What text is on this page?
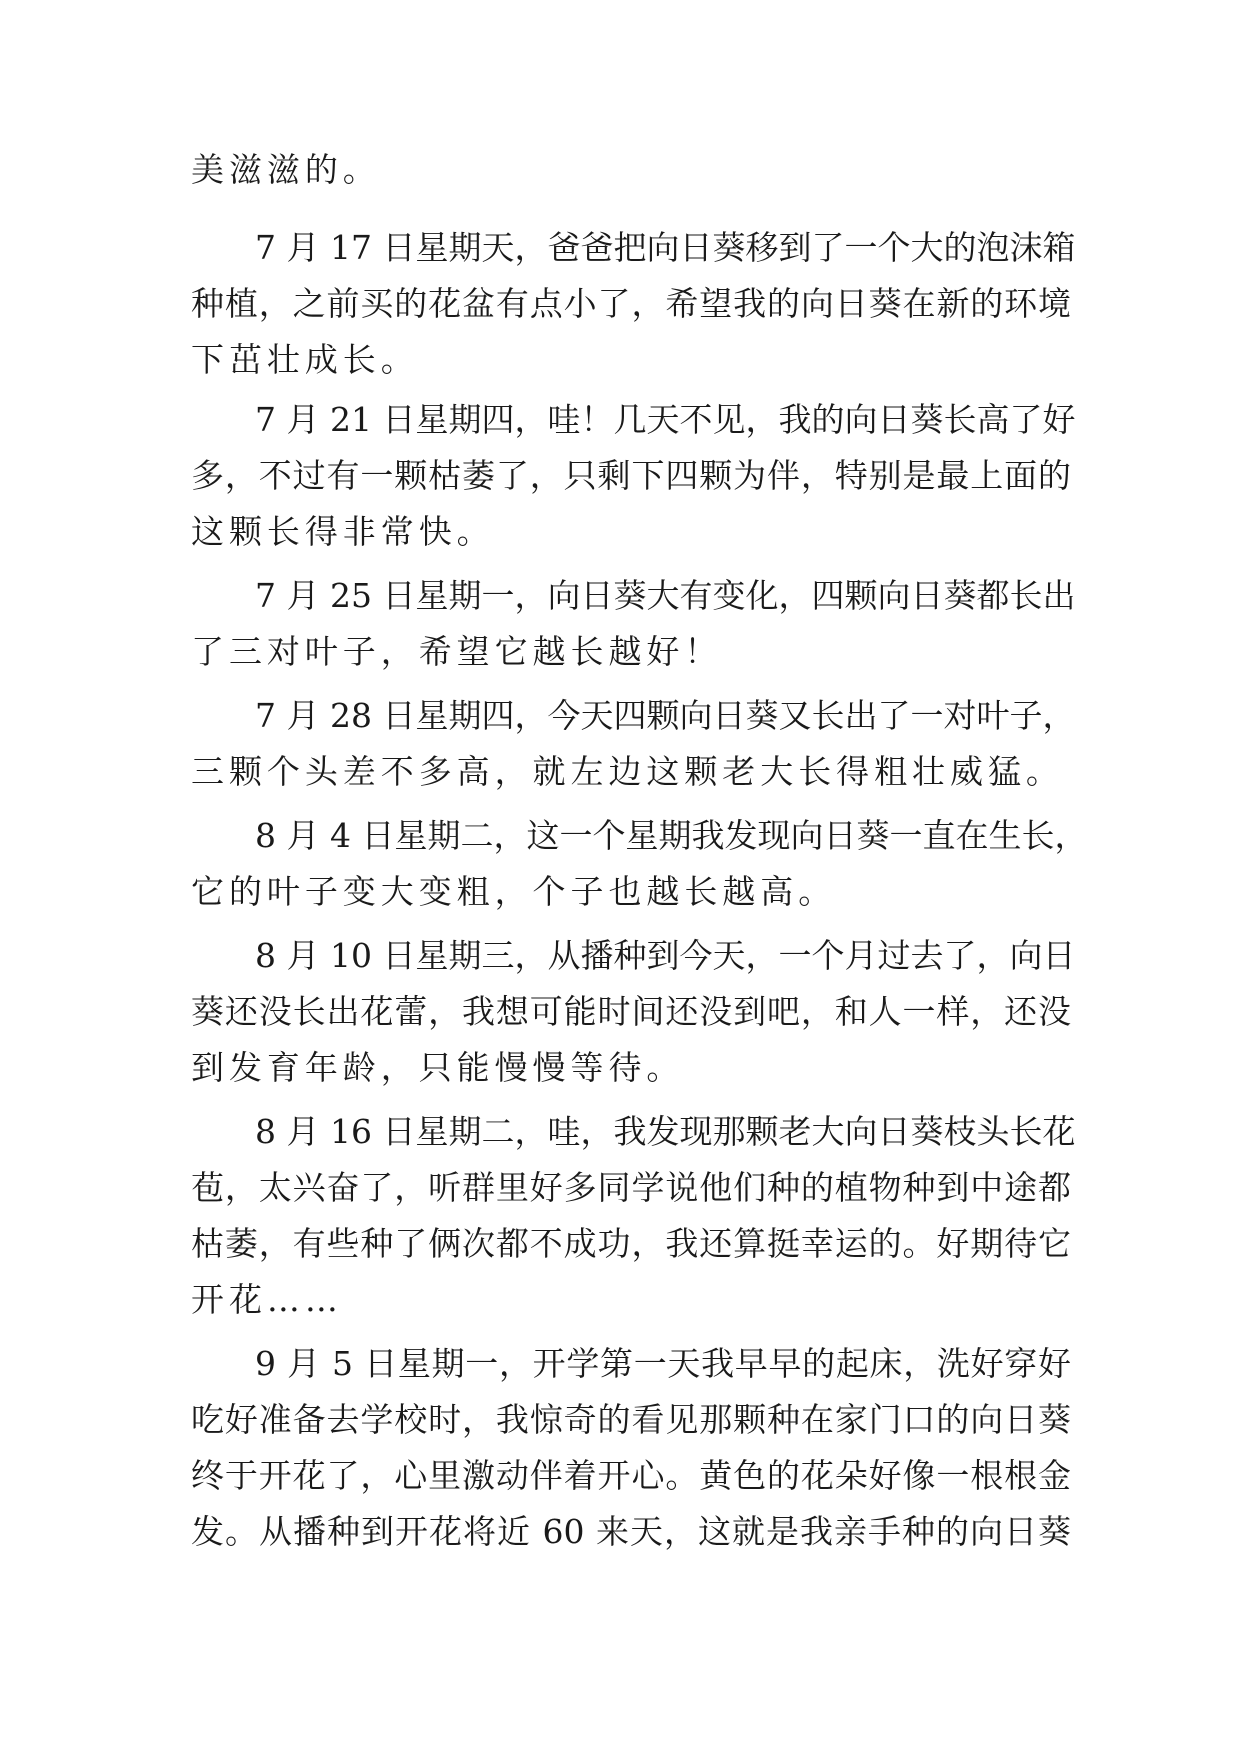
美滋滋的。
7 月 17 日星期天，爸爸把向日葵移到了一个大的泡沫箱
种植，之前买的花盆有点小了，希望我的向日葵在新的环境
下茁壮成长。
7 月 21 日星期四，哇！几天不见，我的向日葵长高了好
多，不过有一颗枯萎了，只剩下四颗为伴，特别是最上面的
这颗长得非常快。
7 月 25 日星期一，向日葵大有变化，四颗向日葵都长出
了三对叶子，希望它越长越好！
7 月 28 日星期四，今天四颗向日葵又长出了一对叶子，
三颗个头差不多高，就左边这颗老大长得粗壮威猛。
8 月 4 日星期二，这一个星期我发现向日葵一直在生长，
它的叶子变大变粗，个子也越长越高。
8 月 10 日星期三，从播种到今天，一个月过去了，向日
葵还没长出花蕾，我想可能时间还没到吧，和人一样，还没
到发育年龄，只能慢慢等待。
8 月 16 日星期二，哇，我发现那颗老大向日葵枝头长花
苞，太兴奋了，听群里好多同学说他们种的植物种到中途都
枯萎，有些种了俩次都不成功，我还算挺幸运的。好期待它
开花……
9 月 5 日星期一，开学第一天我早早的起床，洗好穿好
吃好准备去学校时，我惊奇的看见那颗种在家门口的向日葵
终于开花了，心里激动伴着开心。黄色的花朵好像一根根金
发。从播种到开花将近 60 来天，这就是我亲手种的向日葵
